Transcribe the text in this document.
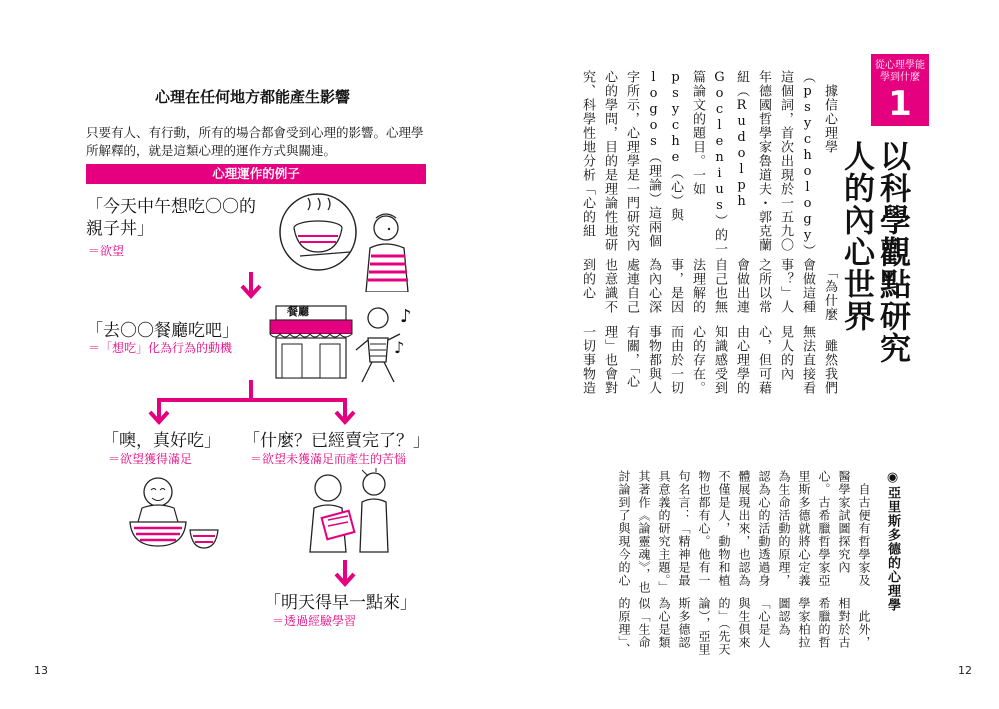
心理在任何地方都能產生影響
只要有人、有行動，所有的場合都會受到心理的影響。心理學所解釋的，就是這類心理的運作方式與關連。
心理運作的例子
「今天中午想吃〇〇的親子丼」
＝欲望
「去〇〇餐廳吃吧」
＝「想吃」化為行為的動機
餐廳	♪
♪
「噢，真好吃」
＝欲望獲得滿足
「什麼？已經賣完了？」
＝欲望未獲滿足而產生的苦惱
「明天得早一點來」
＝透過經驗學習
13
從心理學能學到什麼
1
以科學觀點研究
人的內心世界
　據信心理學（psychology）這個詞，首次出現於一五九〇年德國哲學家魯道夫・郭克蘭紐（Rudolph Goclenius）的一篇論文的題目。一如psyche（心）與logos（理論）這兩個字所示，心理學是一門研究內心的學問，目的是理論性地研究、科學性地分析「心的組
　「為什麼會做這種事？」人之所以常會做出連自己也無法理解的事，是因為內心深處連自己也意識不到的心
　雖然我們無法直接看見人的內心，但可藉由心理學的知識感受到心的存在。而由於一切事物都與人有關，「心理」也會對一切事物造
◉亞里斯多德的心理學
　自古便有哲學家及醫學家試圖探究內心。古希臘哲學家亞里斯多德就將心定義為生命活動的原理，認為心的活動透過身體展現出來，也認為不僅是人，動物和植物也都有心。他有一句名言：「精神是最具意義的研究主題。」其著作《論靈魂》，也討論到了與現今的心
　此外，相對於古希臘的哲學家柏拉圖認為「心是人與生俱來的」（先天論），亞里斯多德認為心是類似「生命的原理」、
12
